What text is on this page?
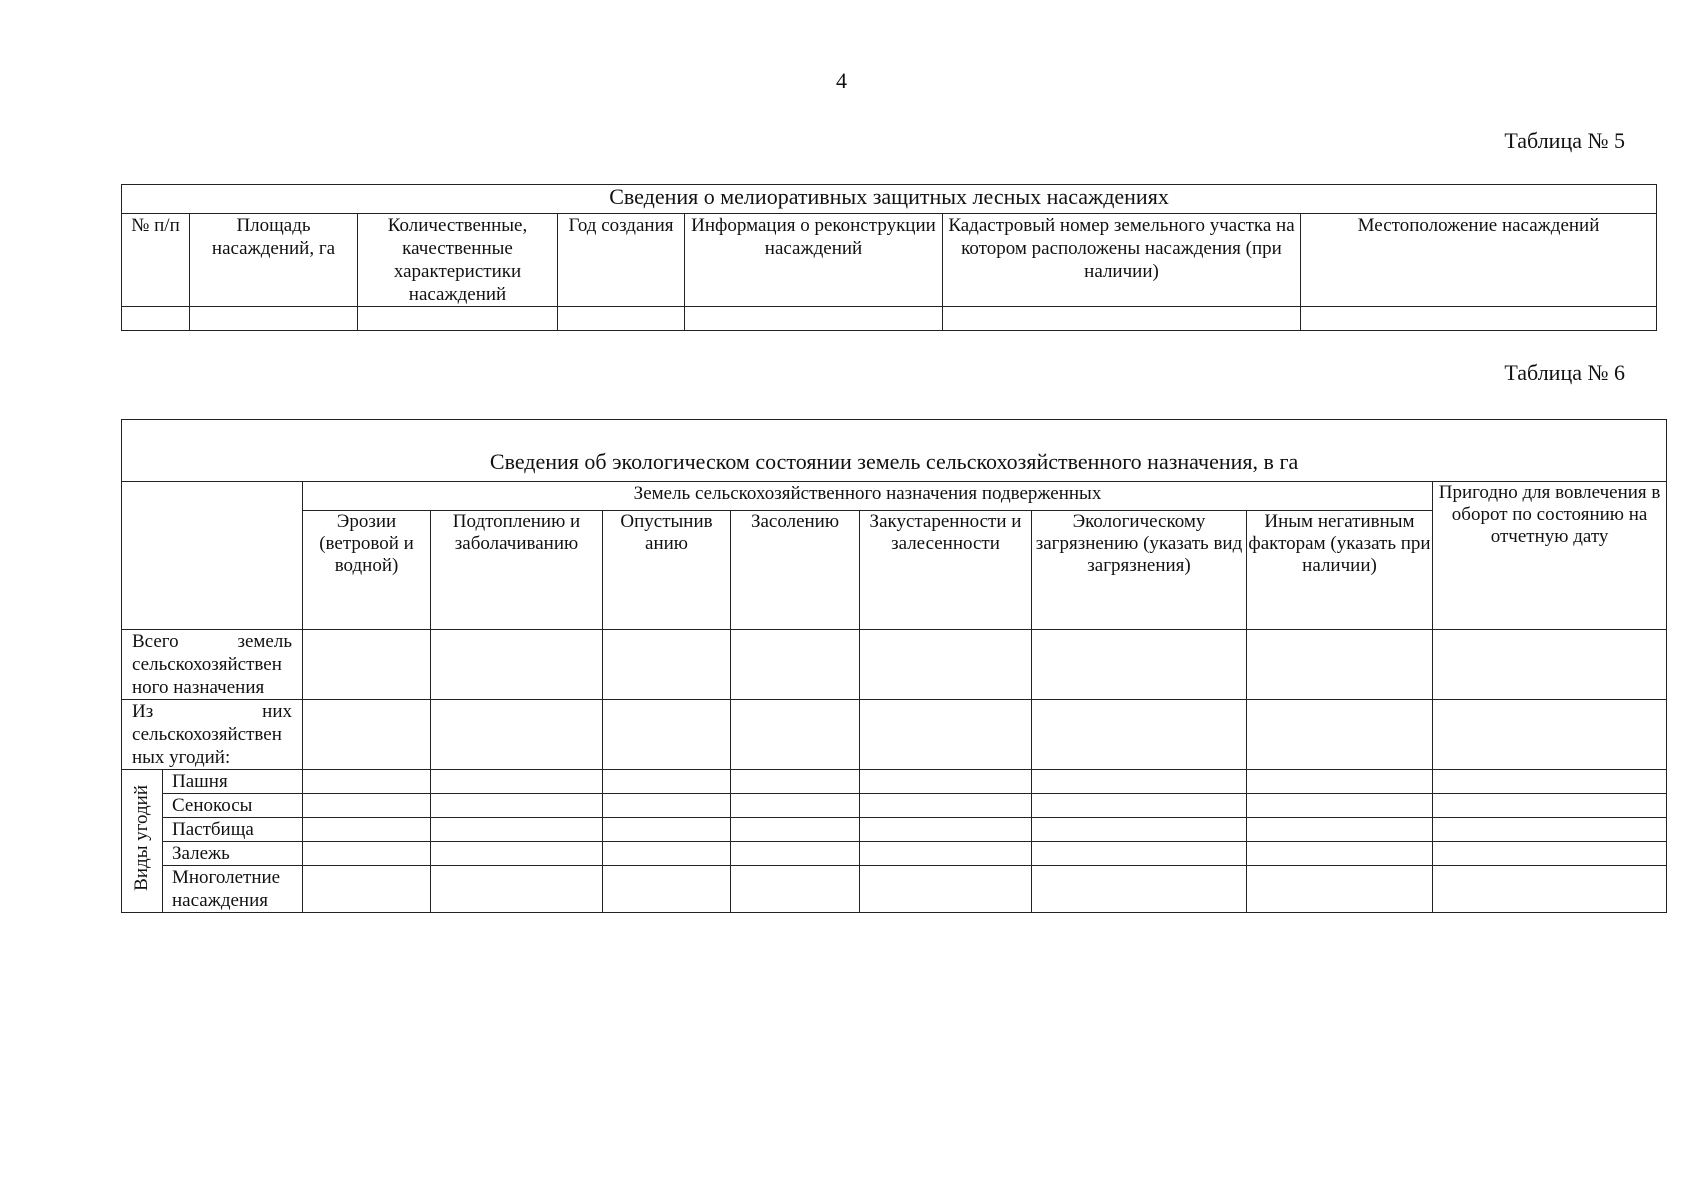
4
Таблица № 5
Сведения о мелиоративных защитных лесных насаждениях						
№ п/п	Площадь насаждений, га	Количественные, качественные характеристики насаждений	Год создания	Информация о реконструкции насаждений	Кадастровый номер земельного участка на котором расположены насаждения (при наличии)	Местоположение насаждений

Таблица № 6
Сведения об экологическом состоянии земель сельскохозяйственного назначения, в га									
		Земель сельскохозяйственного назначения подверженных							Пригодно для вовлечения в оборот по состоянию на отчетную дату
		Эрозии (ветровой и водной)	Подтоплению и заболачиванию	Опустынив анию	Засолению	Закустаренности и залесенности	Экологическому загрязнению (указать вид загрязнения)	Иным негативным факторам (указать при наличии)	
Всего земель сельскохозяйствен ного назначения									
Из них сельскохозяйствен ных угодий:									
Виды угодий	Пашня								
	Сенокосы								
	Пастбища								
	Залежь								
	Многолетние насаждения								
